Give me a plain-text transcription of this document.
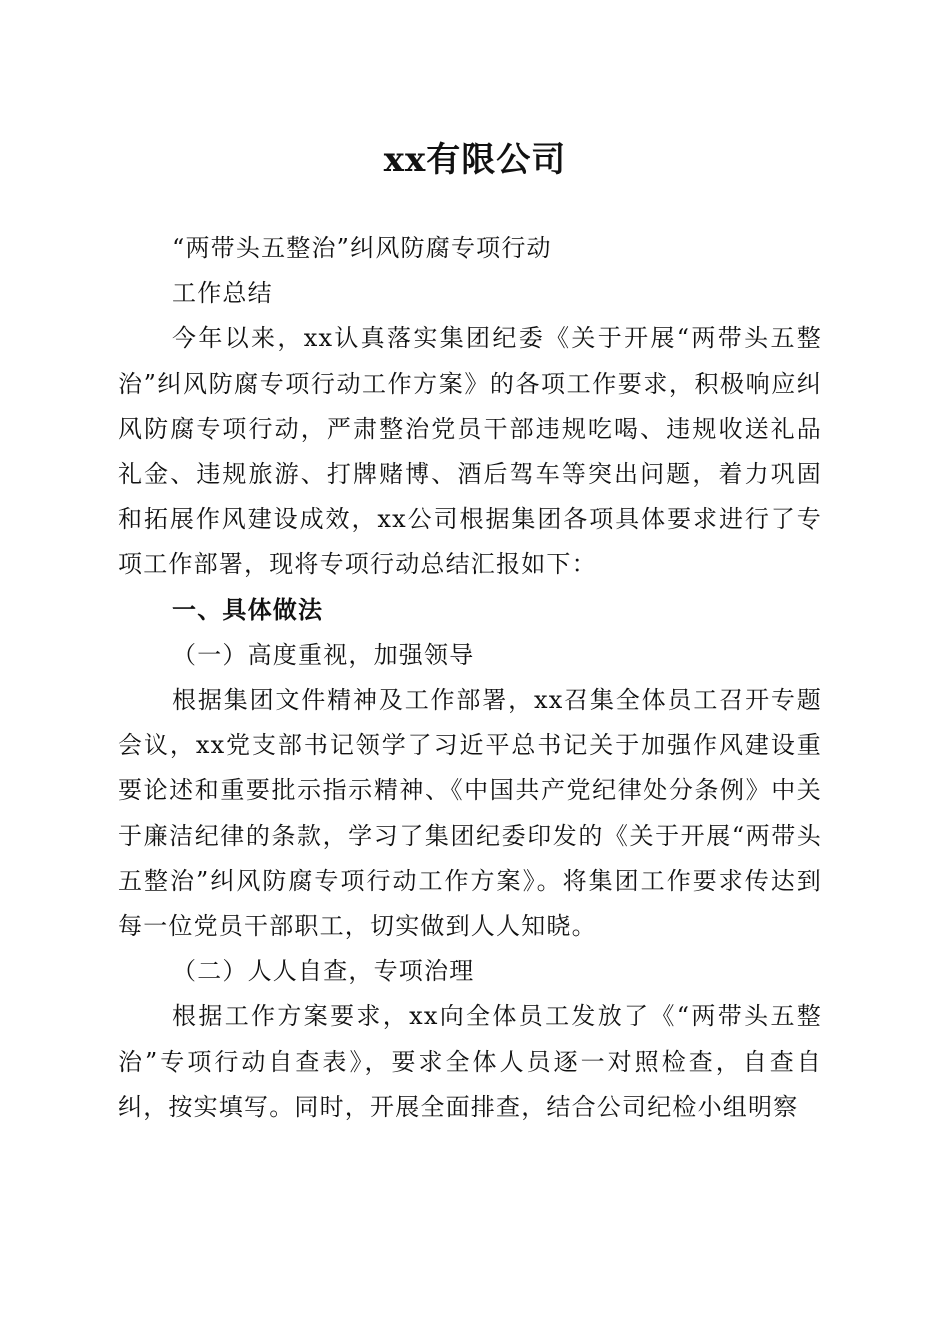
xx有限公司

“两带头五整治”纠风防腐专项行动

工作总结

今年以来，xx认真落实集团纪委《关于开展“两带头五整治”纠风防腐专项行动工作方案》的各项工作要求，积极响应纠风防腐专项行动，严肃整治党员干部违规吃喝、违规收送礼品礼金、违规旅游、打牌赌博、酒后驾车等突出问题，着力巩固和拓展作风建设成效，xx公司根据集团各项具体要求进行了专项工作部署，现将专项行动总结汇报如下：

一、具体做法

（一）高度重视，加强领导

根据集团文件精神及工作部署，xx召集全体员工召开专题会议，xx党支部书记领学了习近平总书记关于加强作风建设重要论述和重要批示指示精神、《中国共产党纪律处分条例》中关于廉洁纪律的条款，学习了集团纪委印发的《关于开展“两带头五整治”纠风防腐专项行动工作方案》。将集团工作要求传达到每一位党员干部职工，切实做到人人知晓。

（二）人人自查，专项治理

根据工作方案要求，xx向全体员工发放了《“两带头五整治”专项行动自查表》，要求全体人员逐一对照检查，自查自纠，按实填写。同时，开展全面排查，结合公司纪检小组明察
